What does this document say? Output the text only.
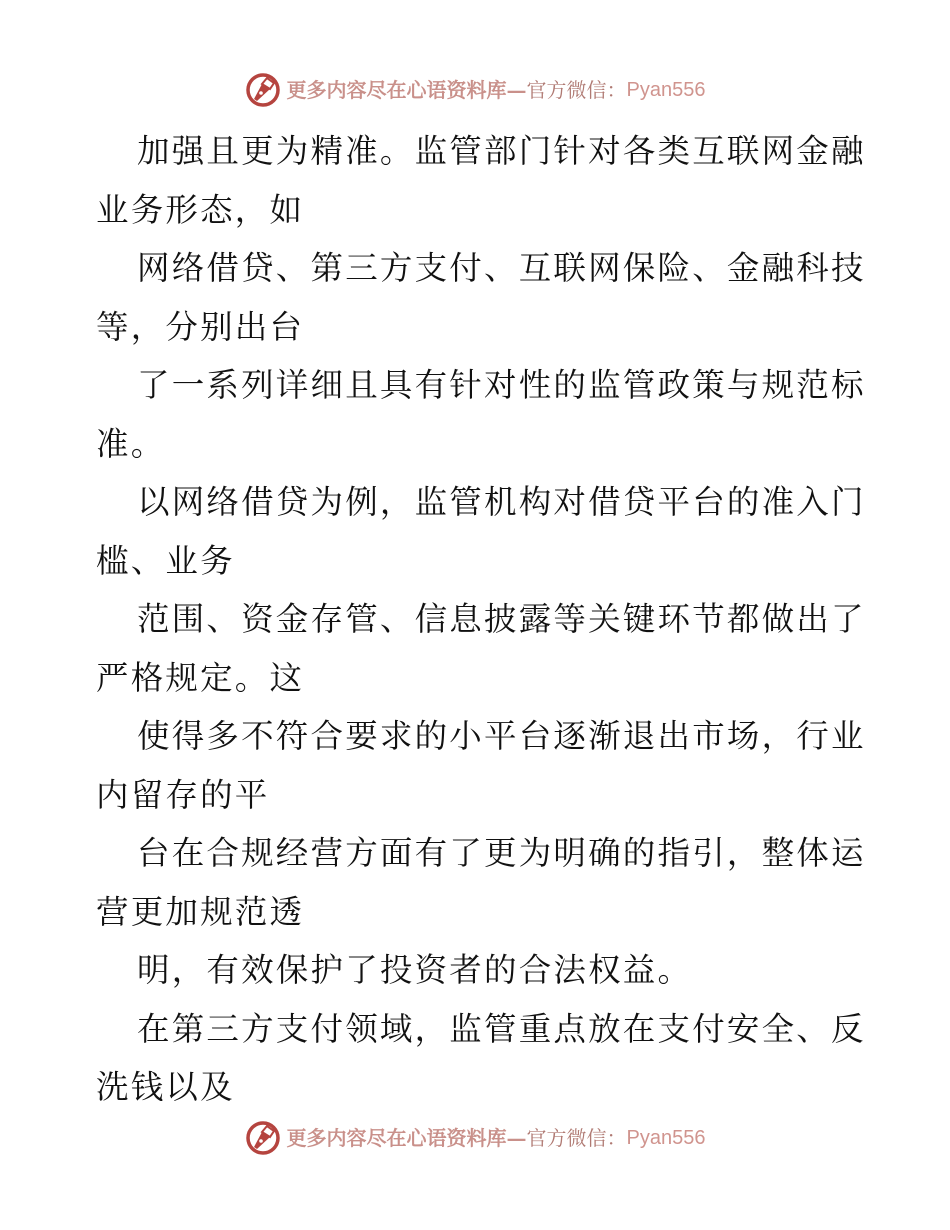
更多内容尽在心语资料库 — 官方微信： Pyan556

加强且更为精准。监管部门针对各类互联网金融
业务形态，如

网络借贷、第三方支付、互联网保险、金融科技
等，分别出台

了一系列详细且具有针对性的监管政策与规范标
准。

以网络借贷为例，监管机构对借贷平台的准入门
槛、业务

范围、资金存管、信息披露等关键环节都做出了
严格规定。这

使得多不符合要求的小平台逐渐退出市场，行业
内留存的平

台在合规经营方面有了更为明确的指引，整体运
营更加规范透

明，有效保护了投资者的合法权益。

在第三方支付领域，监管重点放在支付安全、反
洗钱以及

更多内容尽在心语资料库 — 官方微信： Pyan556
